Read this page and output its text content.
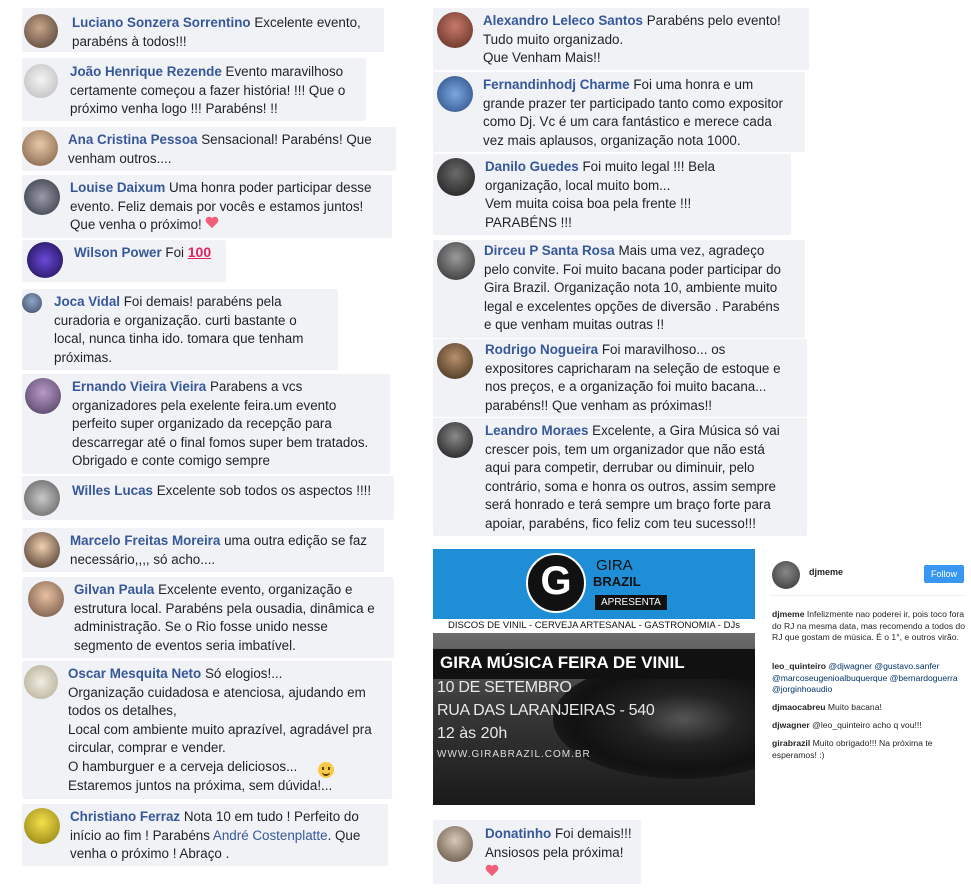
Luciano Sonzera Sorrentino Excelente evento,
parabéns à todos!!!
João Henrique Rezende Evento maravilhoso
certamente começou a fazer história! !!! Que o
próximo venha logo !!! Parabéns! !!
Ana Cristina Pessoa Sensacional! Parabéns! Que
venham outros....
Louise Daixum Uma honra poder participar desse
evento. Feliz demais por vocês e estamos juntos!
Que venha o próximo!
Wilson Power Foi 100
Joca Vidal Foi demais! parabéns pela
curadoria e organização. curti bastante o
local, nunca tinha ido. tomara que tenham
próximas.
Ernando Vieira Vieira Parabens a vcs
organizadores pela exelente feira.um evento
perfeito super organizado da recepção para
descarregar até o final fomos super bem tratados.
Obrigado e conte comigo sempre
Willes Lucas Excelente sob todos os aspectos !!!!
Marcelo Freitas Moreira uma outra edição se faz
necessário,,,, só acho....
Gilvan Paula Excelente evento, organização e
estrutura local. Parabéns pela ousadia, dinâmica e
administração. Se o Rio fosse unido nesse
segmento de eventos seria imbatível.
Oscar Mesquita Neto Só elogios!...
Organização cuidadosa e atenciosa, ajudando em
todos os detalhes,
Local com ambiente muito aprazível, agradável pra
circular, comprar e vender.
O hamburguer e a cerveja deliciosos...
Estaremos juntos na próxima, sem dúvida!...
Christiano Ferraz Nota 10 em tudo ! Perfeito do
início ao fim ! Parabéns André Costenplatte. Que
venha o próximo ! Abraço .
Alexandro Leleco Santos Parabéns pelo evento!
Tudo muito organizado.
Que Venham Mais!!
Fernandinhodj Charme Foi uma honra e um
grande prazer ter participado tanto como expositor
como Dj. Vc é um cara fantástico e merece cada
vez mais aplausos, organização nota 1000.
Danilo Guedes Foi muito legal !!! Bela
organização, local muito bom...
Vem muita coisa boa pela frente !!!
PARABÉNS !!!
Dirceu P Santa Rosa Mais uma vez, agradeço
pelo convite. Foi muito bacana poder participar do
Gira Brazil. Organização nota 10, ambiente muito
legal e excelentes opções de diversão . Parabéns
e que venham muitas outras !!
Rodrigo Nogueira Foi maravilhoso... os
expositores capricharam na seleção de estoque e
nos preços, e a organização foi muito bacana...
parabéns!! Que venham as próximas!!
Leandro Moraes Excelente, a Gira Música só vai
crescer pois, tem um organizador que não está
aqui para competir, derrubar ou diminuir, pelo
contrário, soma e honra os outros, assim sempre
será honrado e terá sempre um braço forte para
apoiar, parabéns, fico feliz com teu sucesso!!!
G	GIRA
BRAZIL
APRESENTA
DISCOS DE VINIL - CERVEJA ARTESANAL - GASTRONOMIA - DJs
GIRA MÚSICA FEIRA DE VINIL
10 DE SETEMBRO
RUA DAS LARANJEIRAS - 540
12 às 20h
WWW.GIRABRAZIL.COM.BR
djmeme	Follow
djmeme Infelizmente nao poderei ir, pois toco fora do RJ na mesma data, mas recomendo a todos do RJ que gostam de música. É o 1°, e outros virão.
leo_quinteiro @djwagner @gustavo.sanfer @marcoseugenioalbuquerque @bernardoguerra @jorginhoaudio
djmaocabreu Muito bacana!
djwagner @leo_quinteiro acho q vou!!!
girabrazil Muito obrigado!!! Na próxima te esperamos! :)
Donatinho Foi demais!!!
Ansiosos pela próxima!
